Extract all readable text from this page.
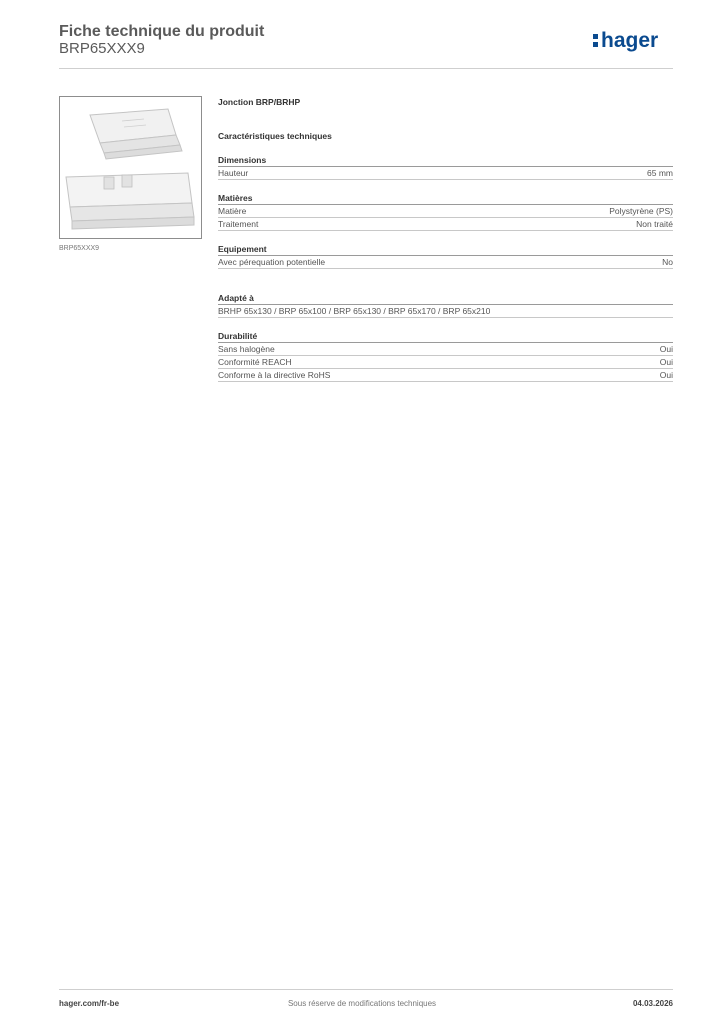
Fiche technique du produit
BRP65XXX9	hager
BRP65XXX9
Jonction BRP/BRHP
Caractéristiques techniques
Dimensions
Hauteur	65 mm
Matières
Matière	Polystyrène (PS)
Traitement	Non traité
Equipement
Avec pérequation potentielle	No
Adapté à
BRHP 65x130 / BRP 65x100 / BRP 65x130 / BRP 65x170 / BRP 65x210
Durabilité
Sans halogène	Oui
Conformité REACH	Oui
Conforme à la directive RoHS	Oui
hager.com/fr-be	Sous réserve de modifications techniques	04.03.2026
